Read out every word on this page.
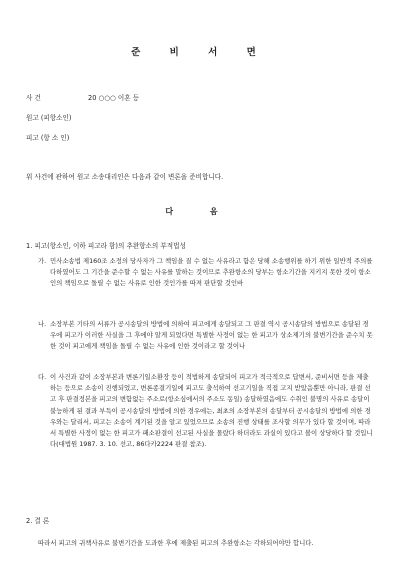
준 비 서 면
사 건	20 ○○○ 이혼 등
원고 (피항소인)
피고 (항 소 인)
위 사건에 관하여 원고 소송대리인은 다음과 같이 변론을 준비합니다.
다 음
1. 피고(항소인, 이하 피고라 함)의 추완항소의 부적법성
가. 민사소송법 제160조 소정의 당사자가 그 책임을 질 수 없는 사유라고 함은 당해 소송행위를 하기 위한 일반적 주의를 다하였어도 그 기간을 준수할 수 없는 사유를 말하는 것이므로 추완항소의 당부는 항소기간을 지키지 못한 것이 항소인의 책임으로 돌릴 수 없는 사유로 인한 것인가를 따져 판단할 것인바
나. 소장부본 기타의 서류가 공시송달의 방법에 의하여 피고에게 송달되고 그 판결 역시 공시송달의 방법으로 송달된 경우에 피고가 이러한 사실을 그 후에야 알게 되었다면 특별한 사정이 없는 한 피고가 상소제기의 불변기간을 준수치 못한 것이 피고에게 책임을 돌릴 수 없는 사유에 인한 것이라고 할 것이나
다. 이 사건과 같이 소장부본과 변론기일소환장 등이 적법하게 송달되어 피고가 적극적으로 답변서, 준비서면 등을 제출하는 등으로 소송이 진행되었고, 변론종결기일에 피고도 출석하여 선고기일을 직접 고지 받았음뿐만 아니라, 판결 선고 후 판결정본을 피고의 변함없는 주소로(항소심에서의 주소도 동일) 송달하였음에도 수취인 불명의 사유로 송달이 불능하게 된 결과 부득이 공시송달의 방법에 의한 경우에는, 최초의 소장부본의 송달부터 공시송달의 방법에 의한 경우와는 달리서, 피고는 소송이 계기된 것을 알고 있었으므로 소송의 진행 상태를 조사할 의무가 있다 할 것이며, 따라서 특별한 사정이 없는 한 피고가 패소판결이 선고된 사실을 몰랐다 하더라도 과실이 있다고 볼이 상당하다 할 것입니다(대법원 1987. 3. 10. 선고, 86다카2224 판결 참조).
2. 결 론
따라서 피고의 귀책사유로 불변기간을 도과한 후에 제출된 피고의 추완항소는 각하되어야만 합니다.
